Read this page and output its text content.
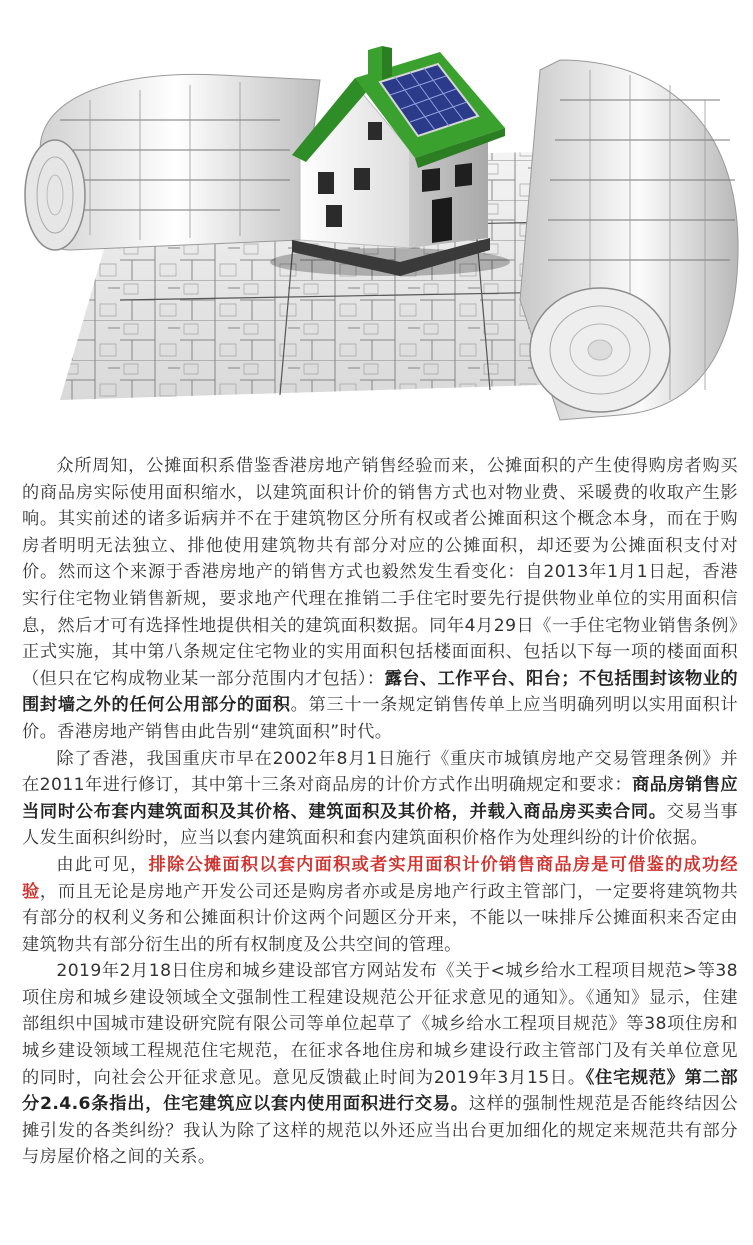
众所周知，公摊面积系借鉴香港房地产销售经验而来，公摊面积的产生使得购房者购买的商品房实际使用面积缩水，以建筑面积计价的销售方式也对物业费、采暖费的收取产生影响。其实前述的诸多诟病并不在于建筑物区分所有权或者公摊面积这个概念本身，而在于购房者明明无法独立、排他使用建筑物共有部分对应的公摊面积，却还要为公摊面积支付对价。然而这个来源于香港房地产的销售方式也毅然发生看变化：自2013年1月1日起，香港实行住宅物业销售新规，要求地产代理在推销二手住宅时要先行提供物业单位的实用面积信息，然后才可有选择性地提供相关的建筑面积数据。同年4月29日《一手住宅物业销售条例》正式实施，其中第八条规定住宅物业的实用面积包括楼面面积、包括以下每一项的楼面面积（但只在它构成物业某一部分范围内才包括）：露台、工作平台、阳台；不包括围封该物业的围封墙之外的任何公用部分的面积。第三十一条规定销售传单上应当明确列明以实用面积计价。香港房地产销售由此告别“建筑面积”时代。

除了香港，我国重庆市早在2002年8月1日施行《重庆市城镇房地产交易管理条例》并在2011年进行修订，其中第十三条对商品房的计价方式作出明确规定和要求：商品房销售应当同时公布套内建筑面积及其价格、建筑面积及其价格，并载入商品房买卖合同。交易当事人发生面积纠纷时，应当以套内建筑面积和套内建筑面积价格作为处理纠纷的计价依据。

由此可见，排除公摊面积以套内面积或者实用面积计价销售商品房是可借鉴的成功经验，而且无论是房地产开发公司还是购房者亦或是房地产行政主管部门，一定要将建筑物共有部分的权利义务和公摊面积计价这两个问题区分开来，不能以一味排斥公摊面积来否定由建筑物共有部分衍生出的所有权制度及公共空间的管理。

2019年2月18日住房和城乡建设部官方网站发布《关于<城乡给水工程项目规范>等38项住房和城乡建设领域全文强制性工程建设规范公开征求意见的通知》。《通知》显示，住建部组织中国城市建设研究院有限公司等单位起草了《城乡给水工程项目规范》等38项住房和城乡建设领域工程规范住宅规范，在征求各地住房和城乡建设行政主管部门及有关单位意见的同时，向社会公开征求意见。意见反馈截止时间为2019年3月15日。《住宅规范》第二部分2.4.6条指出，住宅建筑应以套内使用面积进行交易。这样的强制性规范是否能终结因公摊引发的各类纠纷？我认为除了这样的规范以外还应当出台更加细化的规定来规范共有部分与房屋价格之间的关系。
